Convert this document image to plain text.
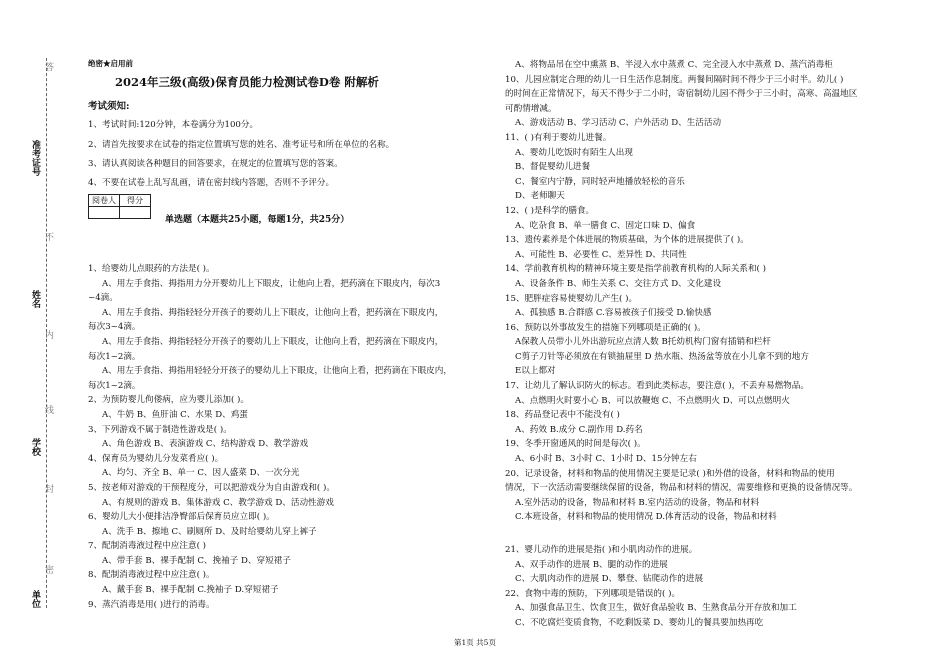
准考证号
姓名
学校
单位
答
不
内
线
封
密
绝密★启用前
2024年三级(高级)保育员能力检测试卷D卷 附解析
考试须知:
1、考试时间:120分钟，本卷满分为100分。
2、请首先按要求在试卷的指定位置填写您的姓名、准考证号和所在单位的名称。
3、请认真阅读各种题目的回答要求，在规定的位置填写您的答案。
4、不要在试卷上乱写乱画，请在密封线内答题，否则不予评分。
阅卷人	得分

单选题（本题共25小题，每题1分，共25分）
1、给婴幼儿点眼药的方法是( )。
A、用左手食指、拇指用力分开婴幼儿上下眼皮，让他向上看，把药滴在下眼皮内，每次3
~4滴。
A、用左手食指、拇指轻轻分开孩子的婴幼儿上下眼皮，让他向上看，把药滴在下眼皮内，
每次3~4滴。
A、用左手食指、拇指轻轻分开孩子的婴幼儿上下眼皮，让他向上看，把药滴在下眼皮内，
每次1~2滴。
A、用左手食指、拇指用轻轻分开孩子的婴幼儿上下眼皮，让他向上看，把药滴在下眼皮内，
每次1~2滴。
2、为预防婴儿佝偻病，应为婴儿添加( )。
A、牛奶 B、鱼肝油 C、水果 D、鸡蛋
3、下列游戏不属于制造性游戏是( )。
A、角色游戏 B、表演游戏 C、结构游戏 D、教学游戏
4、保育员为婴幼儿分发菜肴应( )。
A、均匀、齐全 B、单一 C、因人盛菜 D、一次分光
5、按老师对游戏的干预程度分，可以把游戏分为自由游戏和( )。
A、有规则的游戏 B、集体游戏 C、教学游戏 D、活动性游戏
6、婴幼儿大小便排洁净臀部后保育员应立即( )。
A、洗手 B、擦地 C、刷厕所 D、及时给婴幼儿穿上裤子
7、配制消毒液过程中应注意( )
A、带手套 B、裸手配制 C、挽袖子 D、穿短裙子
8、配制消毒液过程中应注意( )。
A、戴手套 B、裸手配制 C.挽袖子 D.穿短裙子
9、蒸汽消毒是用( )进行的消毒。
A、将物品吊在空中熏蒸 B、半浸入水中蒸煮 C、完全浸入水中蒸煮 D、蒸汽消毒柜
10、儿园应制定合理的幼儿一日生活作息制度。两餐间隔时间不得少于三小时半。幼儿( )
的时间在正常情况下，每天不得少于二小时，寄宿制幼儿园不得少于三小时，高寒、高温地区
可酌情增减。
A、游戏活动 B、学习活动 C、户外活动 D、生活活动
11、( )有利于婴幼儿进餐。
A、婴幼儿吃饭时有陌生人出现
B、督促婴幼儿进餐
C、餐室内宁静，同时轻声地播放轻松的音乐
D、老师聊天
12、( )是科学的膳食。
A、吃杂食 B、单一膳食 C、固定口味 D、偏食
13、遗传素养是个体进展的物质基础，为个体的进展提供了( )。
A、可能性 B、必要性 C、差异性 D、共同性
14、学前教育机构的精神环境主要是指学前教育机构的人际关系和( )
A、设备条件 B、师生关系 C、交往方式 D、文化建设
15、肥胖症容易使婴幼儿产生( )。
A、孤独感 B.合群感 C.容易被孩子们接受 D.愉快感
16、预防以外事故发生的措施下列哪项是正确的( )。
A保教人员带小儿外出游玩应点清人数 B托幼机构门窗有插销和栏杆
C剪子刀针等必须放在有锁抽屉里 D 热水瓶、热汤盆等放在小儿拿不到的地方
E以上都对
17、让幼儿了解认识防火的标志。看到此类标志，要注意( )，不丢弃易燃物品。
A、点燃明火时要小心 B、可以放鞭炮 C、不点燃明火 D、可以点燃明火
18、药品登记表中不能没有( )
A、药效 B.成分 C.副作用 D.药名
19、冬季开窗通风的时间是每次( )。
A、6小时 B、3小时 C、1小时 D、15分钟左右
20、记录设备，材料和物品的使用情况主要是记录( )和外借的设备，材料和物品的使用
情况，下一次活动需要继续保留的设备，物品和材料的情况，需要维修和更换的设备情况等。
A.室外活动的设备，物品和材料 B.室内活动的设备，物品和材料
C.本班设备，材料和物品的使用情况 D.体育活动的设备，物品和材料
21、婴儿动作的进展是指( )和小肌肉动作的进展。
A、双手动作的进展 B、腿的动作的进展
C、大肌肉动作的进展 D、攀登、钻爬动作的进展
22、食物中毒的预防，下列哪项是错误的( )。
A、加强食品卫生、饮食卫生，做好食品验收 B、生熟食品分开存放和加工
C、不吃腐烂变质食物，不吃剩饭菜 D、婴幼儿的餐具要加热再吃
第1页 共5页
